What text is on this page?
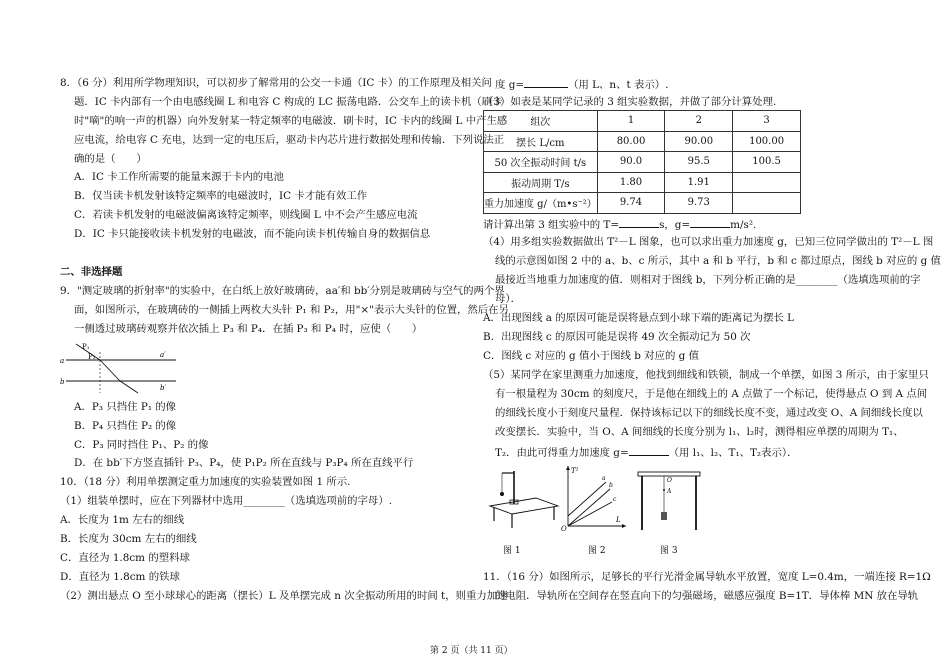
8．（6 分）利用所学物理知识，可以初步了解常用的公交一卡通（IC 卡）的工作原理及相关问
题．IC 卡内部有一个由电感线圈 L 和电容 C 构成的 LC 振荡电路．公交车上的读卡机（刷卡
时"嘀"的响一声的机器）向外发射某一特定频率的电磁波．刷卡时，IC 卡内的线圈 L 中产生感
应电流，给电容 C 充电，达到一定的电压后，驱动卡内芯片进行数据处理和传输．下列说法正
确的是（　　）
A．IC 卡工作所需要的能量来源于卡内的电池
B．仅当读卡机发射该特定频率的电磁波时，IC 卡才能有效工作
C．若读卡机发射的电磁波偏离该特定频率，则线圈 L 中不会产生感应电流
D．IC 卡只能接收读卡机发射的电磁波，而不能向读卡机传输自身的数据信息
二、非选择题
9．"测定玻璃的折射率"的实验中，在白纸上放好玻璃砖，aa′和 bb′分别是玻璃砖与空气的两个界
面，如图所示，在玻璃砖的一侧插上两枚大头针 P₁ 和 P₂，用"×"表示大头针的位置，然后在另
一侧透过玻璃砖观察并依次插上 P₃ 和 P₄．在插 P₃ 和 P₄ 时，应使（　　）
P₁
P₂
a
a′
b
b′
A．P₃ 只挡住 P₁ 的像
B．P₄ 只挡住 P₂ 的像
C．P₃ 同时挡住 P₁、P₂ 的像
D．在 bb′下方竖直插针 P₃、P₄，使 P₁P₂ 所在直线与 P₃P₄ 所在直线平行
10．（18 分）利用单摆测定重力加速度的实验装置如图 1 所示.
（1）组装单摆时，应在下列器材中选用________（选填选项前的字母）.
A．长度为 1m 左右的细线
B．长度为 30cm 左右的细线
C．直径为 1.8cm 的塑料球
D．直径为 1.8cm 的铁球
（2）测出悬点 O 至小球球心的距离（摆长）L 及单摆完成 n 次全振动所用的时间 t，则重力加速
度 g=	（用 L、n、t 表示）.
（3）如表是某同学记录的 3 组实验数据，并做了部分计算处理.
组次	1	2	3
摆长 L/cm	80.00	90.00	100.00
50 次全振动时间 t/s	90.0	95.5	100.5
振动周期 T/s	1.80	1.91	
重力加速度 g/（m•s⁻²）	9.74	9.73	
请计算出第 3 组实验中的 T=	s，g=	m/s².
（4）用多组实验数据做出 T²－L 图象，也可以求出重力加速度 g，已知三位同学做出的 T²－L 图
线的示意图如图 2 中的 a、b、c 所示，其中 a 和 b 平行，b 和 c 都过原点，图线 b 对应的 g 值
最接近当地重力加速度的值．则相对于图线 b，下列分析正确的是________（选填选项前的字
母）．
A．出现图线 a 的原因可能是误将悬点到小球下端的距离记为摆长 L
B．出现图线 c 的原因可能是误将 49 次全振动记为 50 次
C．图线 c 对应的 g 值小于图线 b 对应的 g 值
（5）某同学在家里测重力加速度，他找到细线和铁锁，制成一个单摆，如图 3 所示，由于家里只
有一根量程为 30cm 的刻度尺，于是他在细线上的 A 点做了一个标记，使得悬点 O 到 A 点间
的细线长度小于刻度尺量程．保持该标记以下的细线长度不变，通过改变 O、A 间细线长度以
改变摆长．实验中，当 O、A 间细线的长度分别为 l₁、l₂时，测得相应单摆的周期为 T₁、
T₂．由此可得重力加速度 g=	（用 l₁、l₂、T₁、T₂表示）．
T²
L
O
a
b
c
O
A
图 1	图 2	图 3
11．（16 分）如图所示，足够长的平行光滑金属导轨水平放置，宽度 L=0.4m，一端连接 R=1Ω
的电阻．导轨所在空间存在竖直向下的匀强磁场，磁感应强度 B=1T．导体棒 MN 放在导轨
第 2 页（共 11 页）
